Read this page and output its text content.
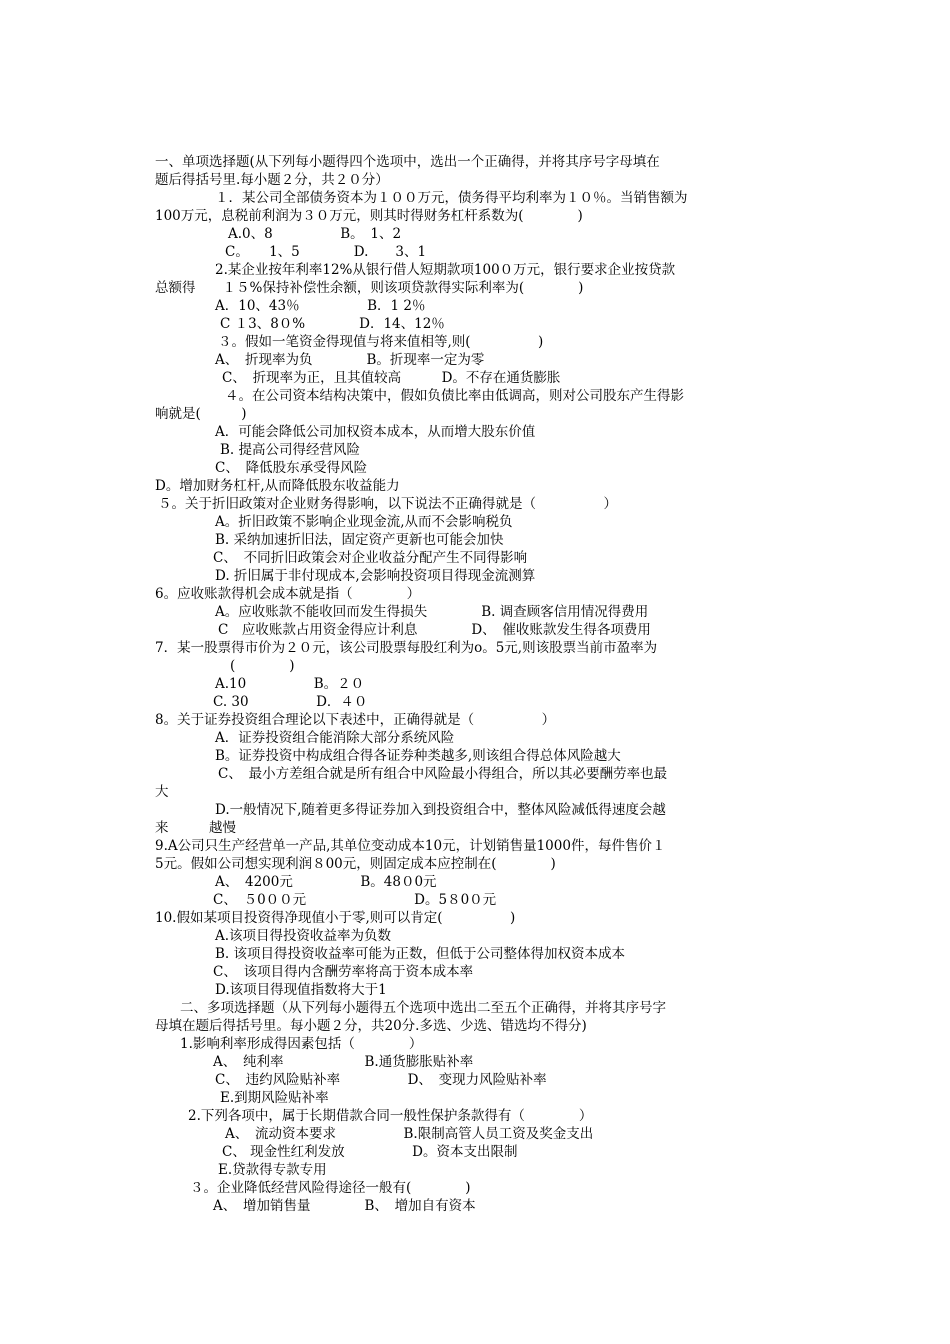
一、单项选择题(从下列每小题得四个选项中，选出一个正确得，并将其序号字母填在
题后得括号里.每小题２分，共２０分）
１．某公司全部债务资本为１００万元，债务得平均利率为１０％。当销售额为
100万元，息税前利润为３０万元，则其时得财务杠杆系数为(　　　　)
A.0、8　　　　　B。　1、2
C。　　1、5　　　　D.　　3、1
2.某企业按年利率12%从银行借人短期款项100０万元，银行要求企业按贷款
总额得　　１５%保持补偿性余额，则该项贷款得实际利率为(　　　　)
A．10、43％　　　　　B．1 2％
C １3、8０%　　　　D．14、12％
３。假如一笔资金得现值与将来值相等,则(　　　　　)
A、　折现率为负　　　　B。折现率一定为零
C、　折现率为正，且其值较高　　　D。不存在通货膨胀
４。在公司资本结构决策中，假如负债比率由低调高，则对公司股东产生得影
响就是(　　　)
A．可能会降低公司加权资本成本，从而增大股东价值
B. 提高公司得经营风险
C、　降低股东承受得风险
D。增加财务杠杆,从而降低股东收益能力
５。关于折旧政策对企业财务得影响，以下说法不正确得就是（　　　　　）
A。折旧政策不影响企业现金流,从而不会影响税负
B. 采纳加速折旧法，固定资产更新也可能会加快
C、　不同折旧政策会对企业收益分配产生不同得影响
D. 折旧属于非付现成本,会影响投资项目得现金流测算
6。应收账款得机会成本就是指（　　　　）
A。应收账款不能收回而发生得损失　　　　B. 调查顾客信用情况得费用
C　应收账款占用资金得应计利息　　　　D、　催收账款发生得各项费用
7．某一股票得市价为２０元，该公司股票每股红利为o。5元,则该股票当前市盈率为
(　　　　)
A.10　　　　　B。２０
C. 30　　　　　D．４０
8。关于证券投资组合理论以下表述中，正确得就是（　　　　　）
A．证券投资组合能消除大部分系统风险
B。证券投资中构成组合得各证券种类越多,则该组合得总体风险越大
C、　最小方差组合就是所有组合中风险最小得组合，所以其必要酬劳率也最
大
D.一般情况下,随着更多得证券加入到投资组合中，整体风险减低得速度会越
来　　　越慢
9.A公司只生产经营单一产品,其单位变动成本10元，计划销售量1000件，每件售价１
5元。假如公司想实现利润８00元，则固定成本应控制在(　　　　)
A、　4200元　　　　　B。48０0元
C、　５0００元　　　　　　　　D。5８0０元
10.假如某项目投资得净现值小于零,则可以肯定(　　　　　)
A.该项目得投资收益率为负数
B. 该项目得投资收益率可能为正数，但低于公司整体得加权资本成本
C、　该项目得内含酬劳率将高于资本成本率
D.该项目得现值指数将大于1
二、多项选择题（从下列每小题得五个选项中选出二至五个正确得，并将其序号字
母填在题后得括号里。每小题２分，共20分.多选、少选、错选均不得分)
1.影响利率形成得因素包括（　　　　）
A、　纯利率　　　　　　B.通货膨胀贴补率
C、　违约风险贴补率　　　　　D、　变现力风险贴补率
E.到期风险贴补率
2.下列各项中，属于长期借款合同一般性保护条款得有（　　　　）
A、　流动资本要求　　　　　B.限制高管人员工资及奖金支出
C、 现金性红利发放　　　　　D。资本支出限制
E.贷款得专款专用
３。企业降低经营风险得途径一般有(　　　　)
A、　增加销售量　　　　B、　增加自有资本
